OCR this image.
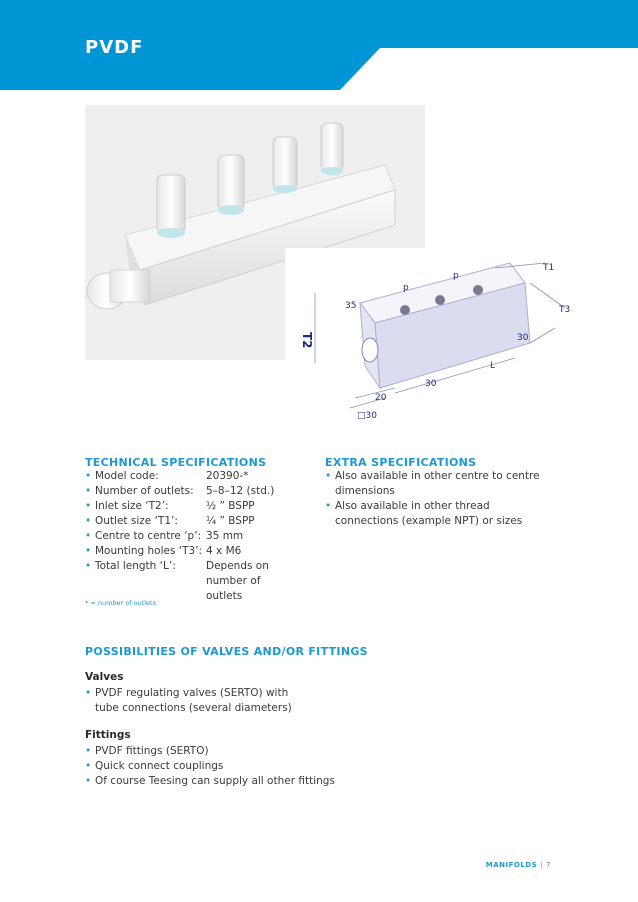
PVDF
T2
T1
T3
p
p
35
30
30
20
□30
L
TECHNICAL SPECIFICATIONS
• Model code:	20390-*
• Number of outlets:	5–8–12 (std.)
• Inlet size ‘T2’:	½ ” BSPP
• Outlet size ‘T1’:	¼ ” BSPP
• Centre to centre ‘p’: 35 mm
• Mounting holes ‘T3’: 4 x M6
• Total length ‘L’:	Depends on number of outlets
* = number of outlets
EXTRA SPECIFICATIONS
• Also available in other centre to centre dimensions
• Also available in other thread connections (example NPT) or sizes
POSSIBILITIES OF VALVES AND/OR FITTINGS
Valves
• PVDF regulating valves (SERTO) with tube connections (several diameters)
Fittings
• PVDF fittings (SERTO)
• Quick connect couplings
• Of course Teesing can supply all other fittings
MANIFOLDS | 7
